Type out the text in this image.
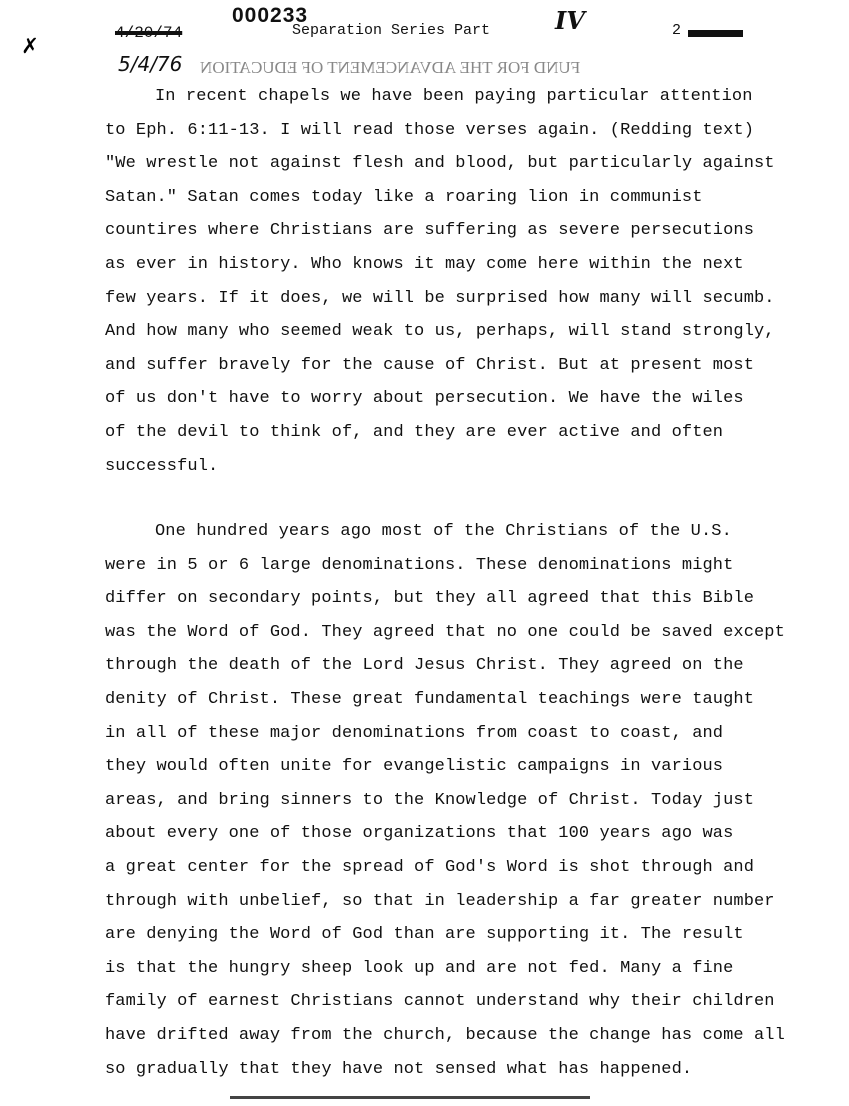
✗
FUND FOR THE ADVANCEMENT OF EDUCATION
4/20/74
000233
Separation Series Part	IV	2
5/4/76
In recent chapels we have been paying particular attention
to Eph. 6:11-13. I will read those verses again. (Redding text)
"We wrestle not against flesh and blood, but particularly against
Satan." Satan comes today like a roaring lion in communist
countires where Christians are suffering as severe persecutions
as ever in history. Who knows it may come here within the next
few years. If it does, we will be surprised how many will secumb.
And how many who seemed weak to us, perhaps, will stand strongly,
and suffer bravely for the cause of Christ. But at present most
of us don't have to worry about persecution. We have the wiles
of the devil to think of, and they are ever active and often
successful.
One hundred years ago most of the Christians of the U.S.
were in 5 or 6 large denominations. These denominations might
differ on secondary points, but they all agreed that this Bible
was the Word of God. They agreed that no one could be saved except
through the death of the Lord Jesus Christ. They agreed on the
denity of Christ. These great fundamental teachings were taught
in all of these major denominations from coast to coast, and
they would often unite for evangelistic campaigns in various
areas, and bring sinners to the Knowledge of Christ. Today just
about every one of those organizations that 100 years ago was
a great center for the spread of God's Word is shot through and
through with unbelief, so that in leadership a far greater number
are denying the Word of God than are supporting it. The result
is that the hungry sheep look up and are not fed. Many a fine
family of earnest Christians cannot understand why their children
have drifted away from the church, because the change has come all
so gradually that they have not sensed what has happened.
